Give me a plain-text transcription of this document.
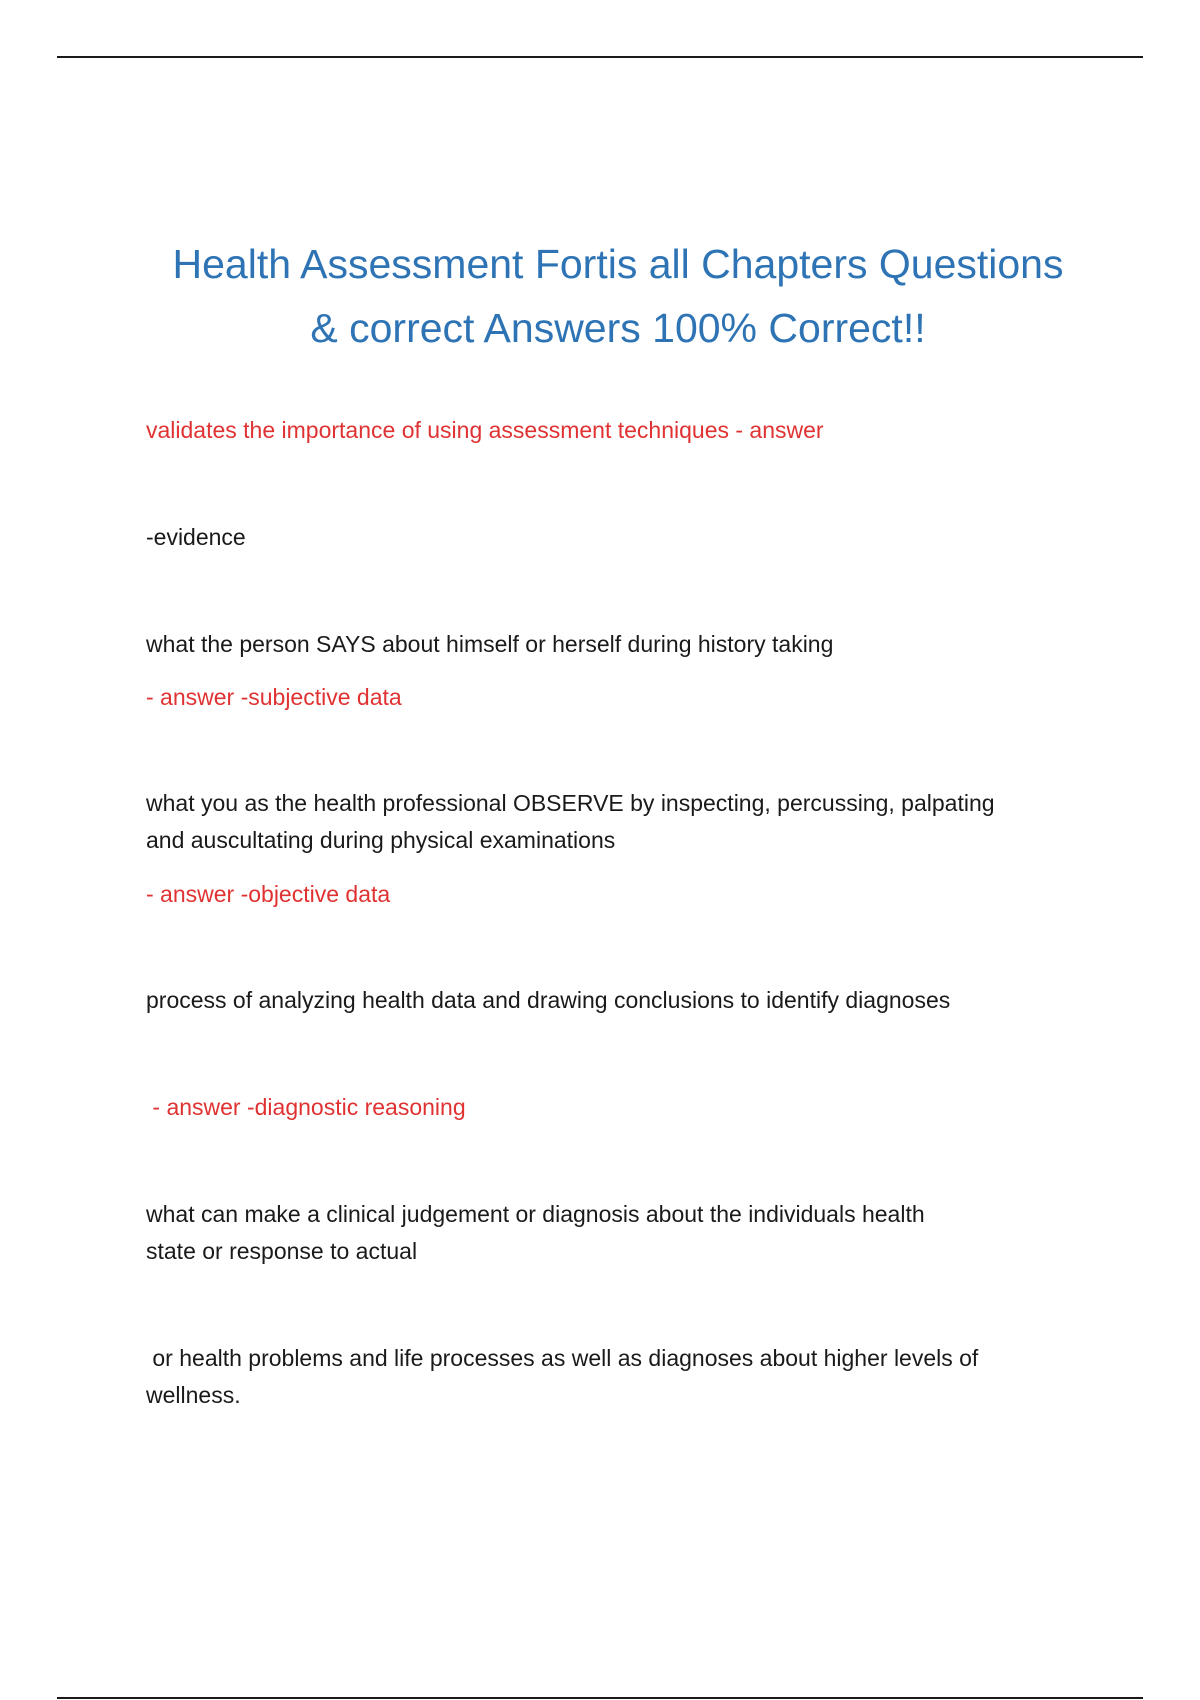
Health Assessment Fortis all Chapters Questions
& correct Answers 100% Correct!!
validates the importance of using assessment techniques - answer
-evidence
what the person SAYS about himself or herself during history taking
- answer -subjective data
what you as the health professional OBSERVE by inspecting, percussing, palpating
and auscultating during physical examinations
- answer -objective data
process of analyzing health data and drawing conclusions to identify diagnoses
- answer -diagnostic reasoning
what can make a clinical judgement or diagnosis about the individuals health
state or response to actual
or health problems and life processes as well as diagnoses about higher levels of
wellness.
